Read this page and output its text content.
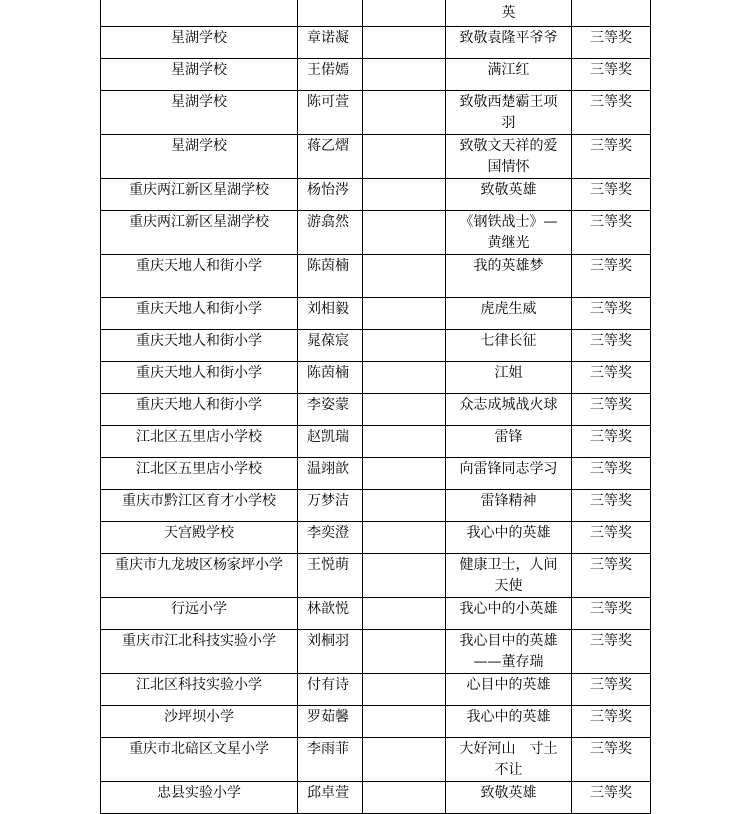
英

星湖学校	章诺凝		致敬袁隆平爷爷	三等奖

星湖学校	王偌嫣		满江红	三等奖

星湖学校	陈可萱		致敬西楚霸王项羽	三等奖

星湖学校	蒋乙熠		致敬文天祥的爱国情怀	三等奖

重庆两江新区星湖学校	杨怡涔		致敬英雄	三等奖

重庆两江新区星湖学校	游翕然		《钢铁战士》—黄继光	三等奖

重庆天地人和街小学	陈茵楠		我的英雄梦	三等奖

重庆天地人和街小学	刘相毅		虎虎生威	三等奖

重庆天地人和街小学	晁葆宸		七律长征	三等奖

重庆天地人和街小学	陈茵楠		江姐	三等奖

重庆天地人和街小学	李姿蒙		众志成城战火球	三等奖

江北区五里店小学校	赵凯瑞		雷锋	三等奖

江北区五里店小学校	温翊歆		向雷锋同志学习	三等奖

重庆市黔江区育才小学校	万梦洁		雷锋精神	三等奖

天宫殿学校	李奕澄		我心中的英雄	三等奖

重庆市九龙坡区杨家坪小学	王悦萌		健康卫士，人间天使	三等奖

行远小学	林歆悦		我心中的小英雄	三等奖

重庆市江北科技实验小学	刘桐羽		我心目中的英雄——董存瑞	三等奖

江北区科技实验小学	付有诗		心目中的英雄	三等奖

沙坪坝小学	罗茹馨		我心中的英雄	三等奖

重庆市北碚区文星小学	李雨菲		大好河山　寸土不让	三等奖

忠县实验小学	邱卓萱		致敬英雄	三等奖
